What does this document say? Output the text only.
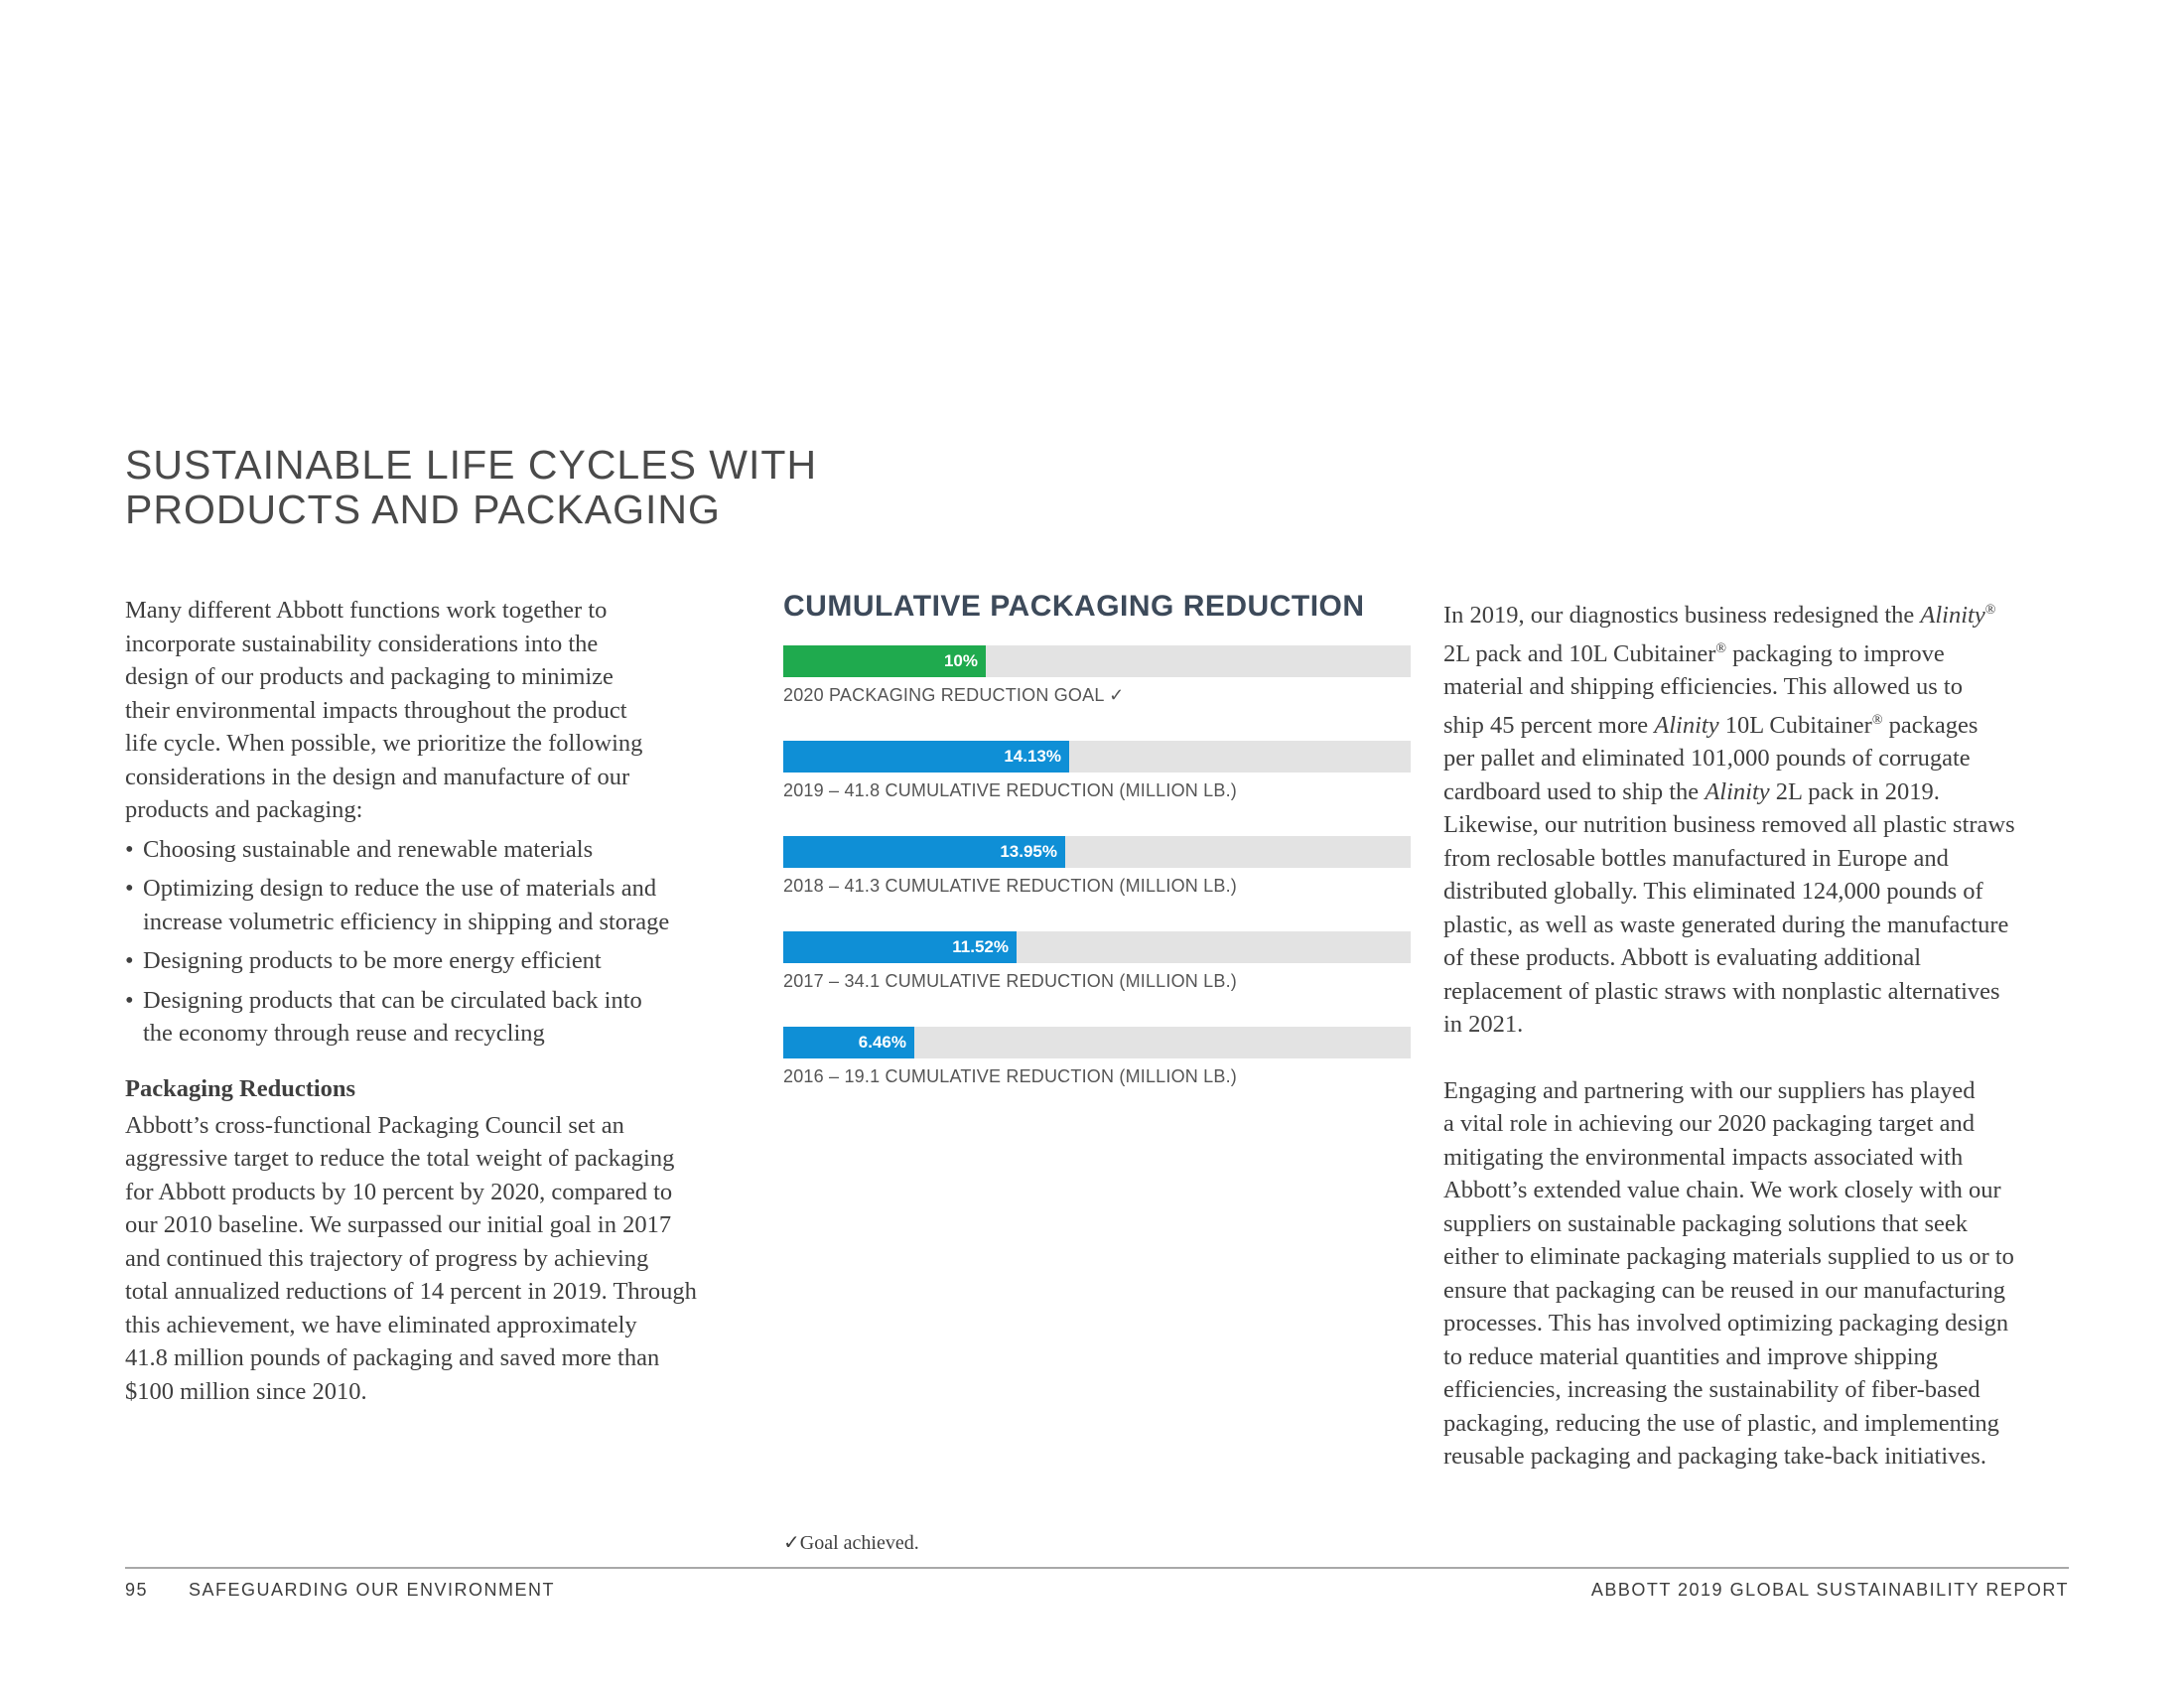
SUSTAINABLE LIFE CYCLES WITH
PRODUCTS AND PACKAGING

Many different Abbott functions work together to
incorporate sustainability considerations into the
design of our products and packaging to minimize
their environmental impacts throughout the product
life cycle. When possible, we prioritize the following
considerations in the design and manufacture of our
products and packaging:

• Choosing sustainable and renewable materials
• Optimizing design to reduce the use of materials and
increase volumetric efficiency in shipping and storage
• Designing products to be more energy efficient
• Designing products that can be circulated back into
the economy through reuse and recycling
Packaging Reductions

Abbott’s cross-functional Packaging Council set an
aggressive target to reduce the total weight of packaging
for Abbott products by 10 percent by 2020, compared to
our 2010 baseline. We surpassed our initial goal in 2017
and continued this trajectory of progress by achieving
total annualized reductions of 14 percent in 2019. Through
this achievement, we have eliminated approximately
41.8 million pounds of packaging and saved more than
$100 million since 2010.

CUMULATIVE PACKAGING REDUCTION
10%
2020 PACKAGING REDUCTION GOAL ✓
14.13%
2019 – 41.8 CUMULATIVE REDUCTION (MILLION LB.)
13.95%
2018 – 41.3 CUMULATIVE REDUCTION (MILLION LB.)
11.52%
2017 – 34.1 CUMULATIVE REDUCTION (MILLION LB.)
6.46%
2016 – 19.1 CUMULATIVE REDUCTION (MILLION LB.)

In 2019, our diagnostics business redesigned the Alinity®
2L pack and 10L Cubitainer® packaging to improve
material and shipping efficiencies. This allowed us to
ship 45 percent more Alinity 10L Cubitainer® packages
per pallet and eliminated 101,000 pounds of corrugate
cardboard used to ship the Alinity 2L pack in 2019.
Likewise, our nutrition business removed all plastic straws
from reclosable bottles manufactured in Europe and
distributed globally. This eliminated 124,000 pounds of
plastic, as well as waste generated during the manufacture
of these products. Abbott is evaluating additional
replacement of plastic straws with nonplastic alternatives
in 2021.

Engaging and partnering with our suppliers has played
a vital role in achieving our 2020 packaging target and
mitigating the environmental impacts associated with
Abbott’s extended value chain. We work closely with our
suppliers on sustainable packaging solutions that seek
either to eliminate packaging materials supplied to us or to
ensure that packaging can be reused in our manufacturing
processes. This has involved optimizing packaging design
to reduce material quantities and improve shipping
efficiencies, increasing the sustainability of fiber-based
packaging, reducing the use of plastic, and implementing
reusable packaging and packaging take-back initiatives.

✓Goal achieved.
95 SAFEGUARDING OUR ENVIRONMENT	ABBOTT 2019 GLOBAL SUSTAINABILITY REPORT
